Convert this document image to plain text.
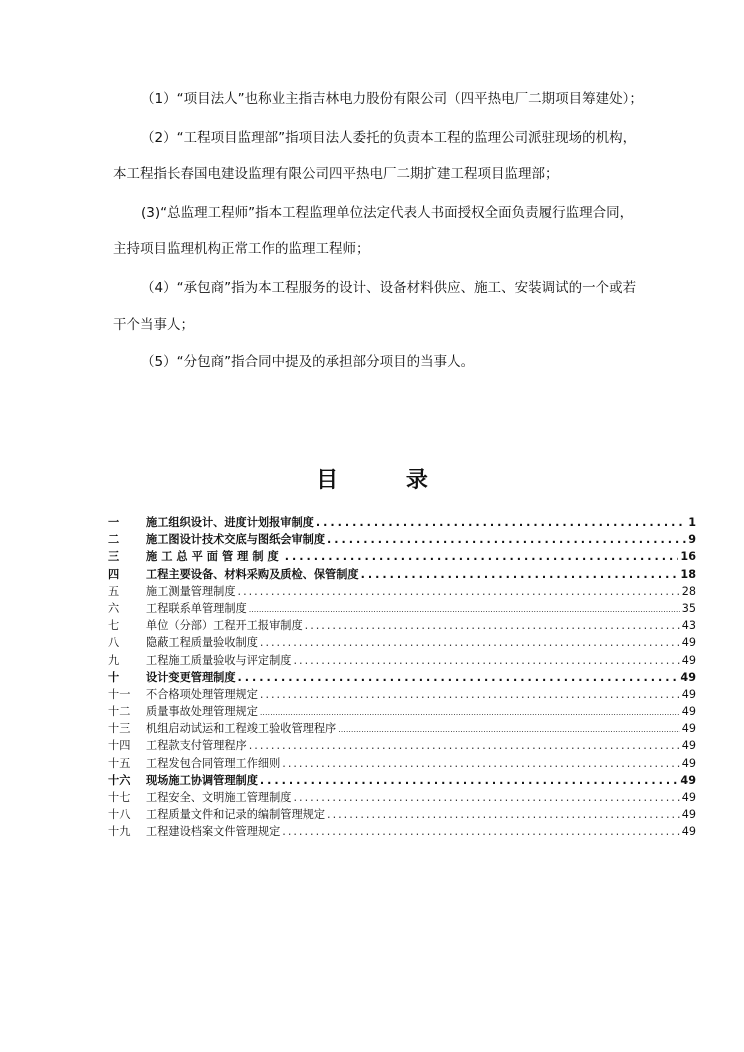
（1）“项目法人”也称业主指吉林电力股份有限公司（四平热电厂二期项目筹建处）；
（2）“工程项目监理部”指项目法人委托的负责本工程的监理公司派驻现场的机构，
本工程指长春国电建设监理有限公司四平热电厂二期扩建工程项目监理部；
(3)“总监理工程师”指本工程监理单位法定代表人书面授权全面负责履行监理合同，
主持项目监理机构正常工作的监理工程师；
（4）“承包商”指为本工程服务的设计、设备材料供应、施工、安装调试的一个或若
干个当事人；
（5）“分包商”指合同中提及的承担部分项目的当事人。
目	录
一	施工组织设计、进度计划报审制度 .....	1
二	施工图设计技术交底与图纸会审制度 .....	9
三	施工总平面管理制度 .....	16
四	工程主要设备、材料采购及质检、保管制度 .....	18
五	施工测量管理制度 .....	28
六	工程联系单管理制度 .....	35
七	单位（分部）工程开工报审制度 .....	43
八	隐蔽工程质量验收制度 .....	49
九	工程施工质量验收与评定制度 .....	49
十	设计变更管理制度 .....	49
十一	不合格项处理管理规定 .....	49
十二	质量事故处理管理规定 .....	49
十三	机组启动试运和工程竣工验收管理程序 .....	49
十四	工程款支付管理程序 .....	49
十五	工程发包合同管理工作细则 .....	49
十六	现场施工协调管理制度 .....	49
十七	工程安全、文明施工管理制度 .....	49
十八	工程质量文件和记录的编制管理规定 .....	49
十九	工程建设档案文件管理规定 .....	49
